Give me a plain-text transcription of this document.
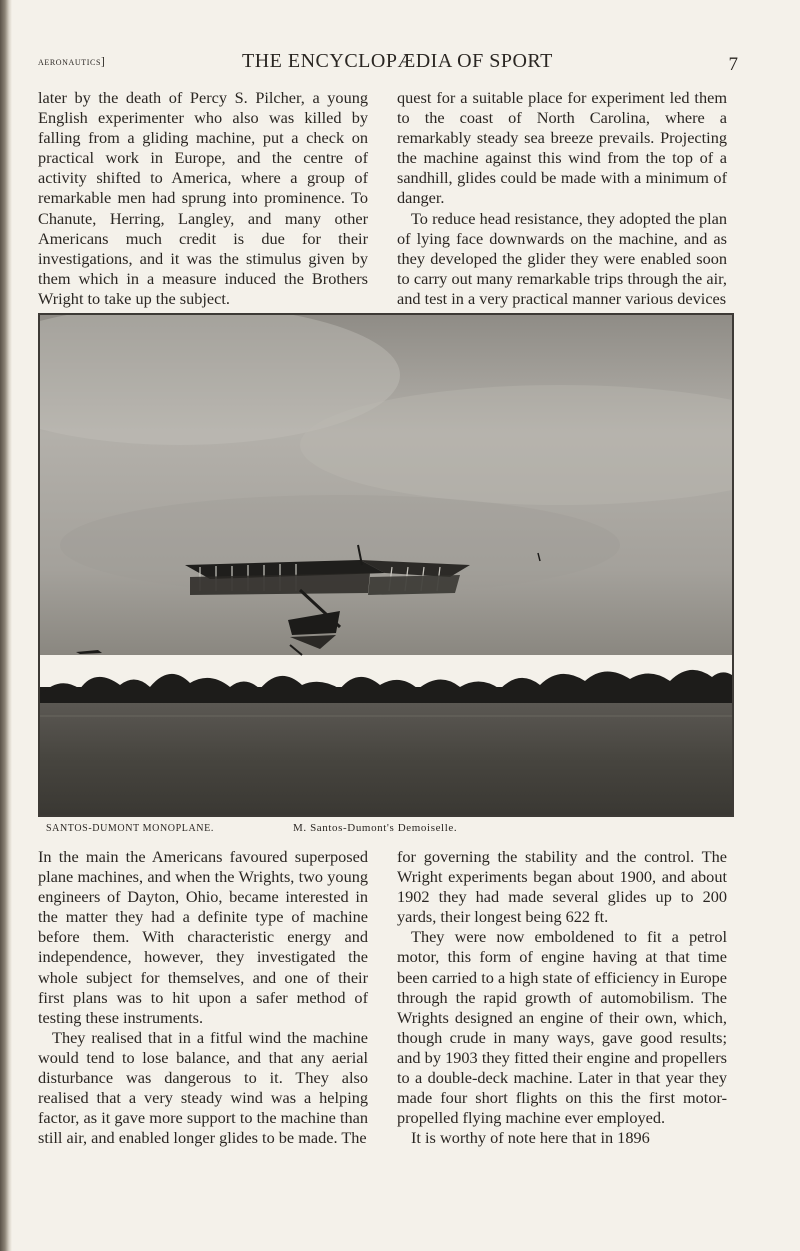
aeronautics]	THE ENCYCLOPÆDIA OF SPORT	7

later by the death of Percy S. Pilcher, a young English experimenter who also was killed by falling from a gliding machine, put a check on practical work in Europe, and the centre of activity shifted to America, where a group of remarkable men had sprung into prominence. To Chanute, Herring, Langley, and many other Americans much credit is due for their investigations, and it was the stimulus given by them which in a measure induced the Brothers Wright to take up the subject.

quest for a suitable place for experiment led them to the coast of North Carolina, where a remarkably steady sea breeze prevails. Projecting the machine against this wind from the top of a sandhill, glides could be made with a minimum of danger.

To reduce head resistance, they adopted the plan of lying face downwards on the machine, and as they developed the glider they were enabled soon to carry out many remarkable trips through the air, and test in a very practical manner various devices

SANTOS-DUMONT MONOPLANE.	M. Santos-Dumont's Demoiselle.

In the main the Americans favoured superposed plane machines, and when the Wrights, two young engineers of Dayton, Ohio, became interested in the matter they had a definite type of machine before them. With characteristic energy and independence, however, they investigated the whole subject for themselves, and one of their first plans was to hit upon a safer method of testing these instruments.

They realised that in a fitful wind the machine would tend to lose balance, and that any aerial disturbance was dangerous to it. They also realised that a very steady wind was a helping factor, as it gave more support to the machine than still air, and enabled longer glides to be made. The

for governing the stability and the control. The Wright experiments began about 1900, and about 1902 they had made several glides up to 200 yards, their longest being 622 ft.

They were now emboldened to fit a petrol motor, this form of engine having at that time been carried to a high state of efficiency in Europe through the rapid growth of automobilism. The Wrights designed an engine of their own, which, though crude in many ways, gave good results; and by 1903 they fitted their engine and propellers to a double-deck machine. Later in that year they made four short flights on this the first motor-propelled flying machine ever employed.

It is worthy of note here that in 1896
